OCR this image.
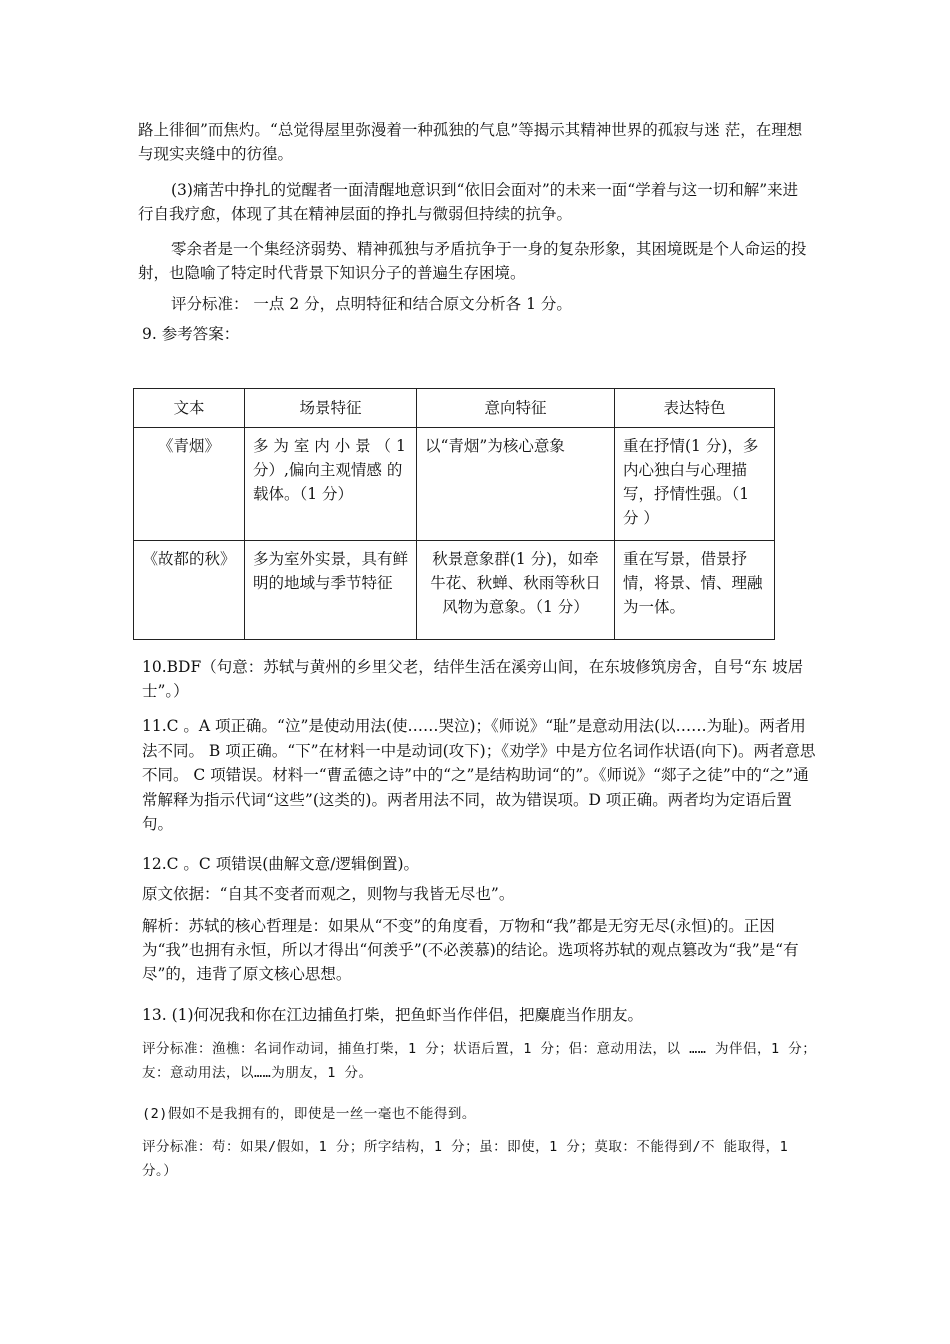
路上徘徊”而焦灼。“总觉得屋里弥漫着一种孤独的气息”等揭示其精神世界的孤寂与迷 茫，在理想与现实夹缝中的彷徨。

(3)痛苦中挣扎的觉醒者一面清醒地意识到“依旧会面对”的未来一面“学着与这一切和解”来进行自我疗愈，体现了其在精神层面的挣扎与微弱但持续的抗争。

零余者是一个集经济弱势、精神孤独与矛盾抗争于一身的复杂形象，其困境既是个人命运的投射，也隐喻了特定时代背景下知识分子的普遍生存困境。

评分标准： 一点 2 分，点明特征和结合原文分析各 1 分。

9. 参考答案：

文本	场景特征	意向特征	表达特色
《青烟》	多 为 室 内 小 景 （ 1 分）,偏向主观情感 的载体。（1 分）	以“青烟”为核心意象	重在抒情(1 分)，多内心独白与心理描写，抒情性强。（1 分 ）
《故都的秋》	多为室外实景，具有鲜明的地域与季节特征	秋景意象群(1 分)，如牵牛花、秋蝉、秋雨等秋日风物为意象。（1 分）	重在写景，借景抒情，将景、情、理融为一体。

10.BDF（句意：苏轼与黄州的乡里父老，结伴生活在溪旁山间，在东坡修筑房舍，自号“东 坡居士”。）

11.C 。A 项正确。“泣”是使动用法(使……哭泣)；《师说》“耻”是意动用法(以……为耻)。两者用法不同。 B 项正确。“下”在材料一中是动词(攻下)；《劝学》中是方位名词作状语(向下)。两者意思不同。 C 项错误。材料一“曹孟德之诗”中的“之”是结构助词“的”。《师说》“郯子之徒”中的“之”通常解释为指示代词“这些”(这类的)。两者用法不同，故为错误项。D 项正确。两者均为定语后置句。

12.C 。C 项错误(曲解文意/逻辑倒置)。

原文依据：“自其不变者而观之，则物与我皆无尽也”。

解析：苏轼的核心哲理是：如果从“不变”的角度看，万物和“我”都是无穷无尽(永恒)的。正因为“我”也拥有永恒，所以才得出“何羡乎”(不必羡慕)的结论。选项将苏轼的观点篡改为“我”是“有尽”的，违背了原文核心思想。

13. (1)何况我和你在江边捕鱼打柴，把鱼虾当作伴侣，把麋鹿当作朋友。

评分标准：渔樵：名词作动词，捕鱼打柴，1 分；状语后置，1 分；侣：意动用法，以 …… 为伴侣，1 分；友：意动用法，以……为朋友，1 分。

(2)假如不是我拥有的，即使是一丝一毫也不能得到。

评分标准：苟：如果/假如，1 分；所字结构，1 分；虽：即使，1 分；莫取：不能得到/不 能取得，1 分。）
